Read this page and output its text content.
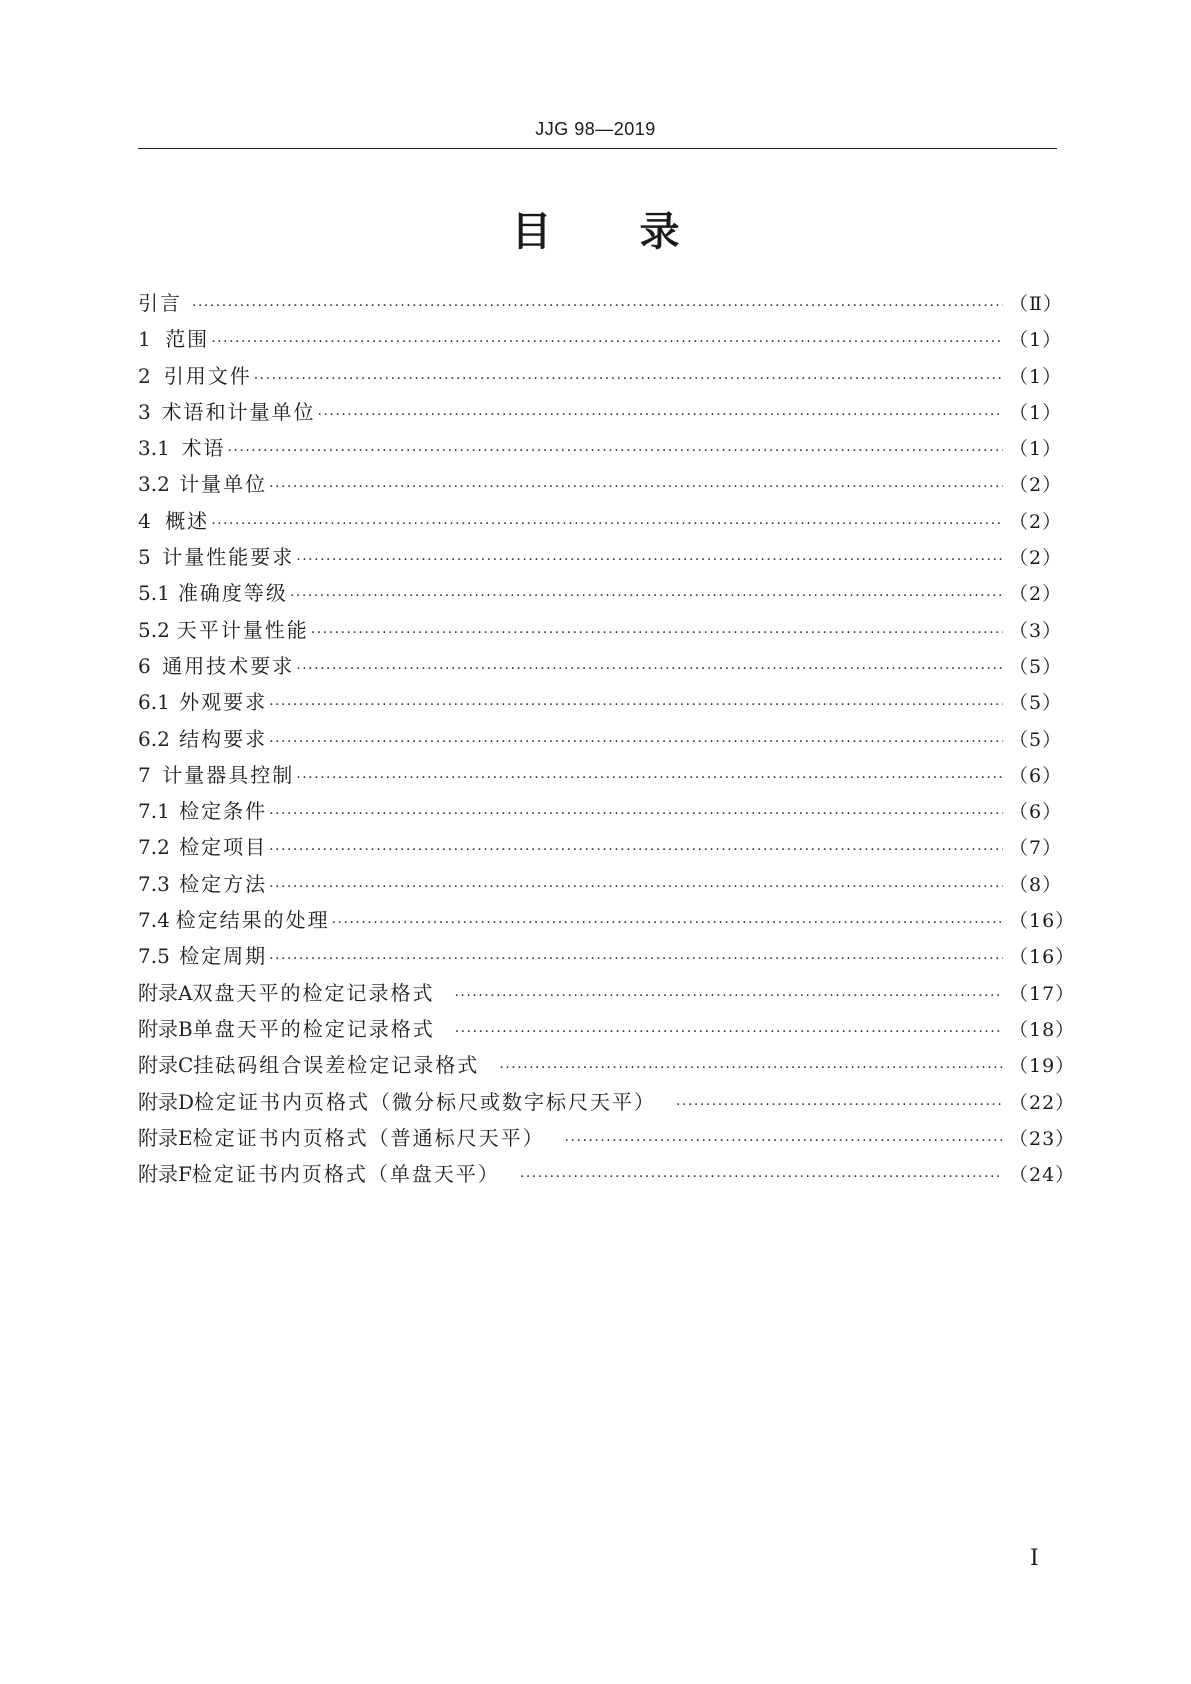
JJG 98—2019
目 录
引言 ·····	（Ⅱ）
1 范围 ·····	（1）
2 引用文件 ·····	（1）
3 术语和计量单位 ·····	（1）
3.1 术语 ·····	（1）
3.2 计量单位 ·····	（2）
4 概述 ·····	（2）
5 计量性能要求 ·····	（2）
5.1 准确度等级 ·····	（2）
5.2 天平计量性能 ·····	（3）
6 通用技术要求 ·····	（5）
6.1 外观要求 ·····	（5）
6.2 结构要求 ·····	（5）
7 计量器具控制 ·····	（6）
7.1 检定条件 ·····	（6）
7.2 检定项目 ·····	（7）
7.3 检定方法 ·····	（8）
7.4 检定结果的处理 ·····	（16）
7.5 检定周期 ·····	（16）
附录A 双盘天平的检定记录格式 ·····	（17）
附录B 单盘天平的检定记录格式 ·····	（18）
附录C 挂砝码组合误差检定记录格式 ·····	（19）
附录D 检定证书内页格式（微分标尺或数字标尺天平） ·····	（22）
附录E 检定证书内页格式（普通标尺天平） ·····	（23）
附录F 检定证书内页格式（单盘天平） ·····	（24）
Ⅰ
